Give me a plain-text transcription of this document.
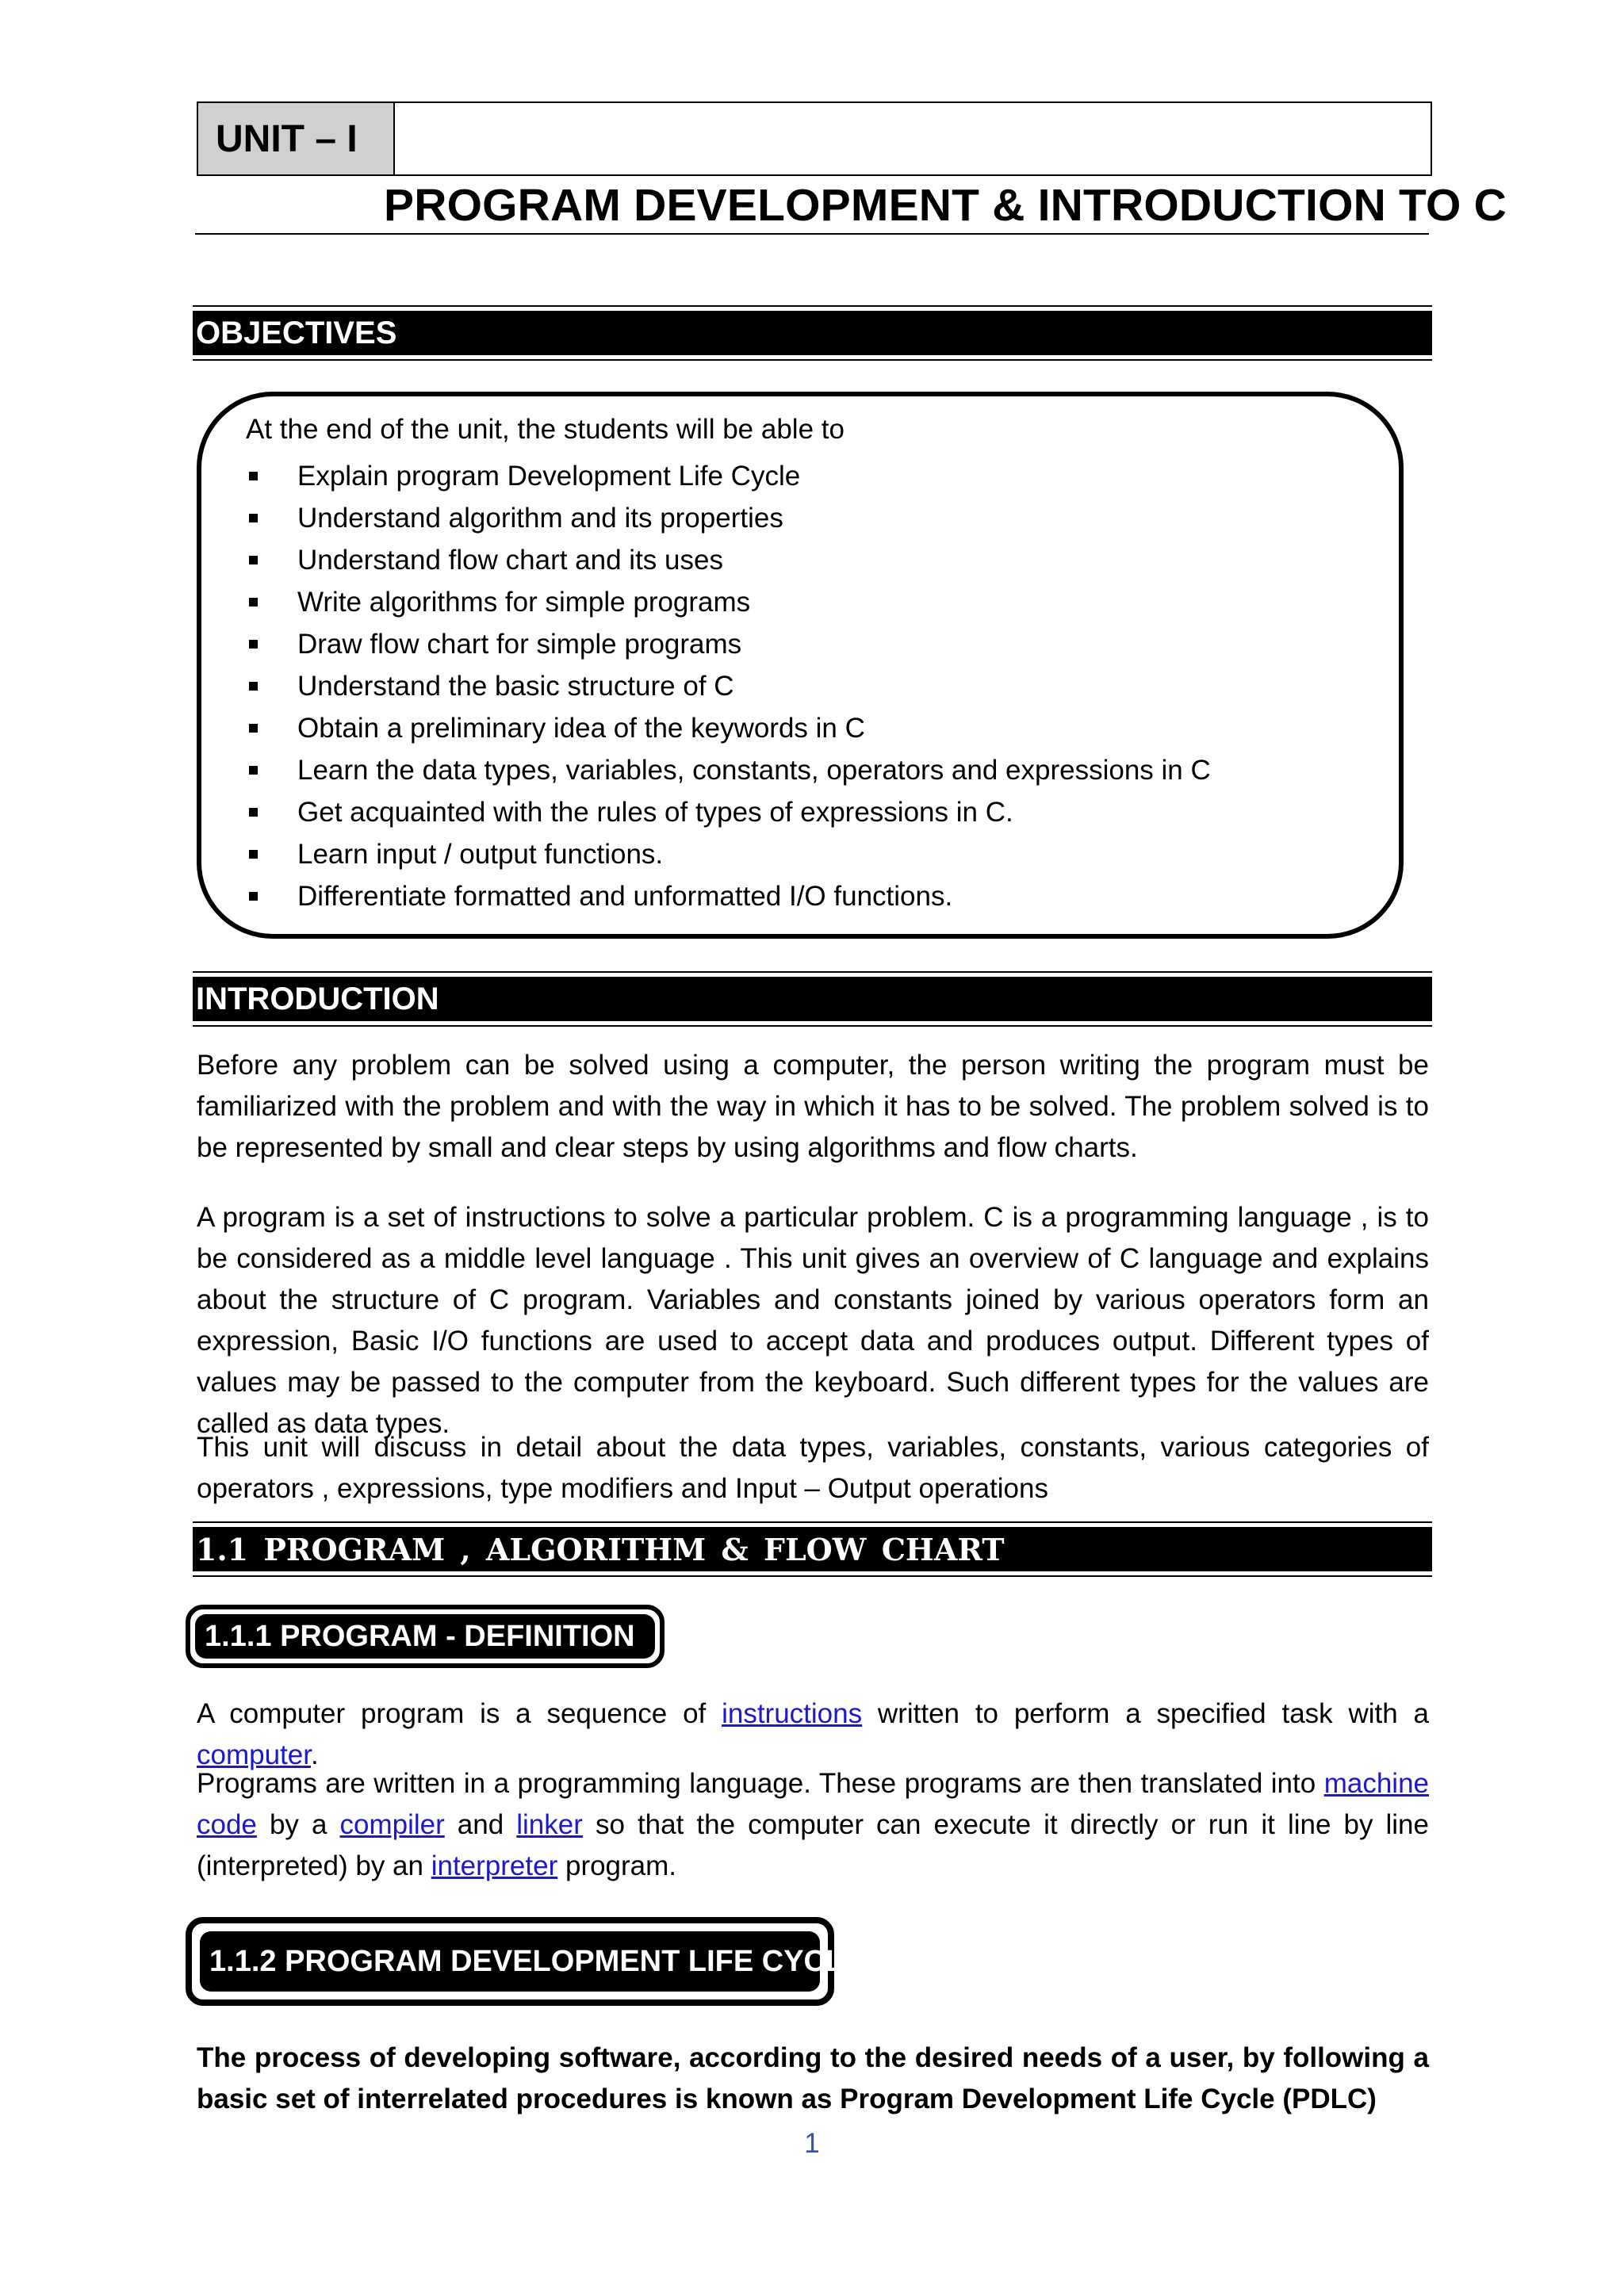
UNIT – I
PROGRAM DEVELOPMENT & INTRODUCTION TO C
OBJECTIVES
At the end of the unit, the students will be able to
Explain program Development Life Cycle
Understand algorithm and its properties
Understand flow chart and its uses
Write algorithms for simple programs
Draw flow chart for simple programs
Understand the basic structure of C
Obtain a preliminary idea of the keywords in C
Learn the data types, variables, constants, operators and expressions in C
Get acquainted with the rules of types of expressions in C.
Learn input / output functions.
Differentiate formatted and unformatted I/O functions.
INTRODUCTION

Before any problem can be solved using a computer, the person writing the program must be familiarized with the problem and with the way in which it has to be solved. The problem solved is to be represented by small and clear steps by using algorithms and flow charts.

A program is a set of instructions to solve a particular problem. C is a programming language , is to be considered as a middle level language . This unit gives an overview of C language and explains about the structure of C program. Variables and constants joined by various operators form an expression, Basic I/O functions are used to accept data and produces output. Different types of values may be passed to the computer from the keyboard. Such different types for the values are called as data types.

This unit will discuss in detail about the data types, variables, constants, various categories of operators , expressions, type modifiers and Input – Output operations

1.1 PROGRAM , ALGORITHM & FLOW CHART
1.1.1 PROGRAM - DEFINITION

A computer program is a sequence of instructions written to perform a specified task with a computer.

Programs are written in a programming language. These programs are then translated into machine code by a compiler and linker so that the computer can execute it directly or run it line by line (interpreted) by an interpreter program.

1.1.2 PROGRAM DEVELOPMENT LIFE CYCLE

The process of developing software, according to the desired needs of a user, by following a basic set of interrelated procedures is known as Program Development Life Cycle (PDLC)

1
